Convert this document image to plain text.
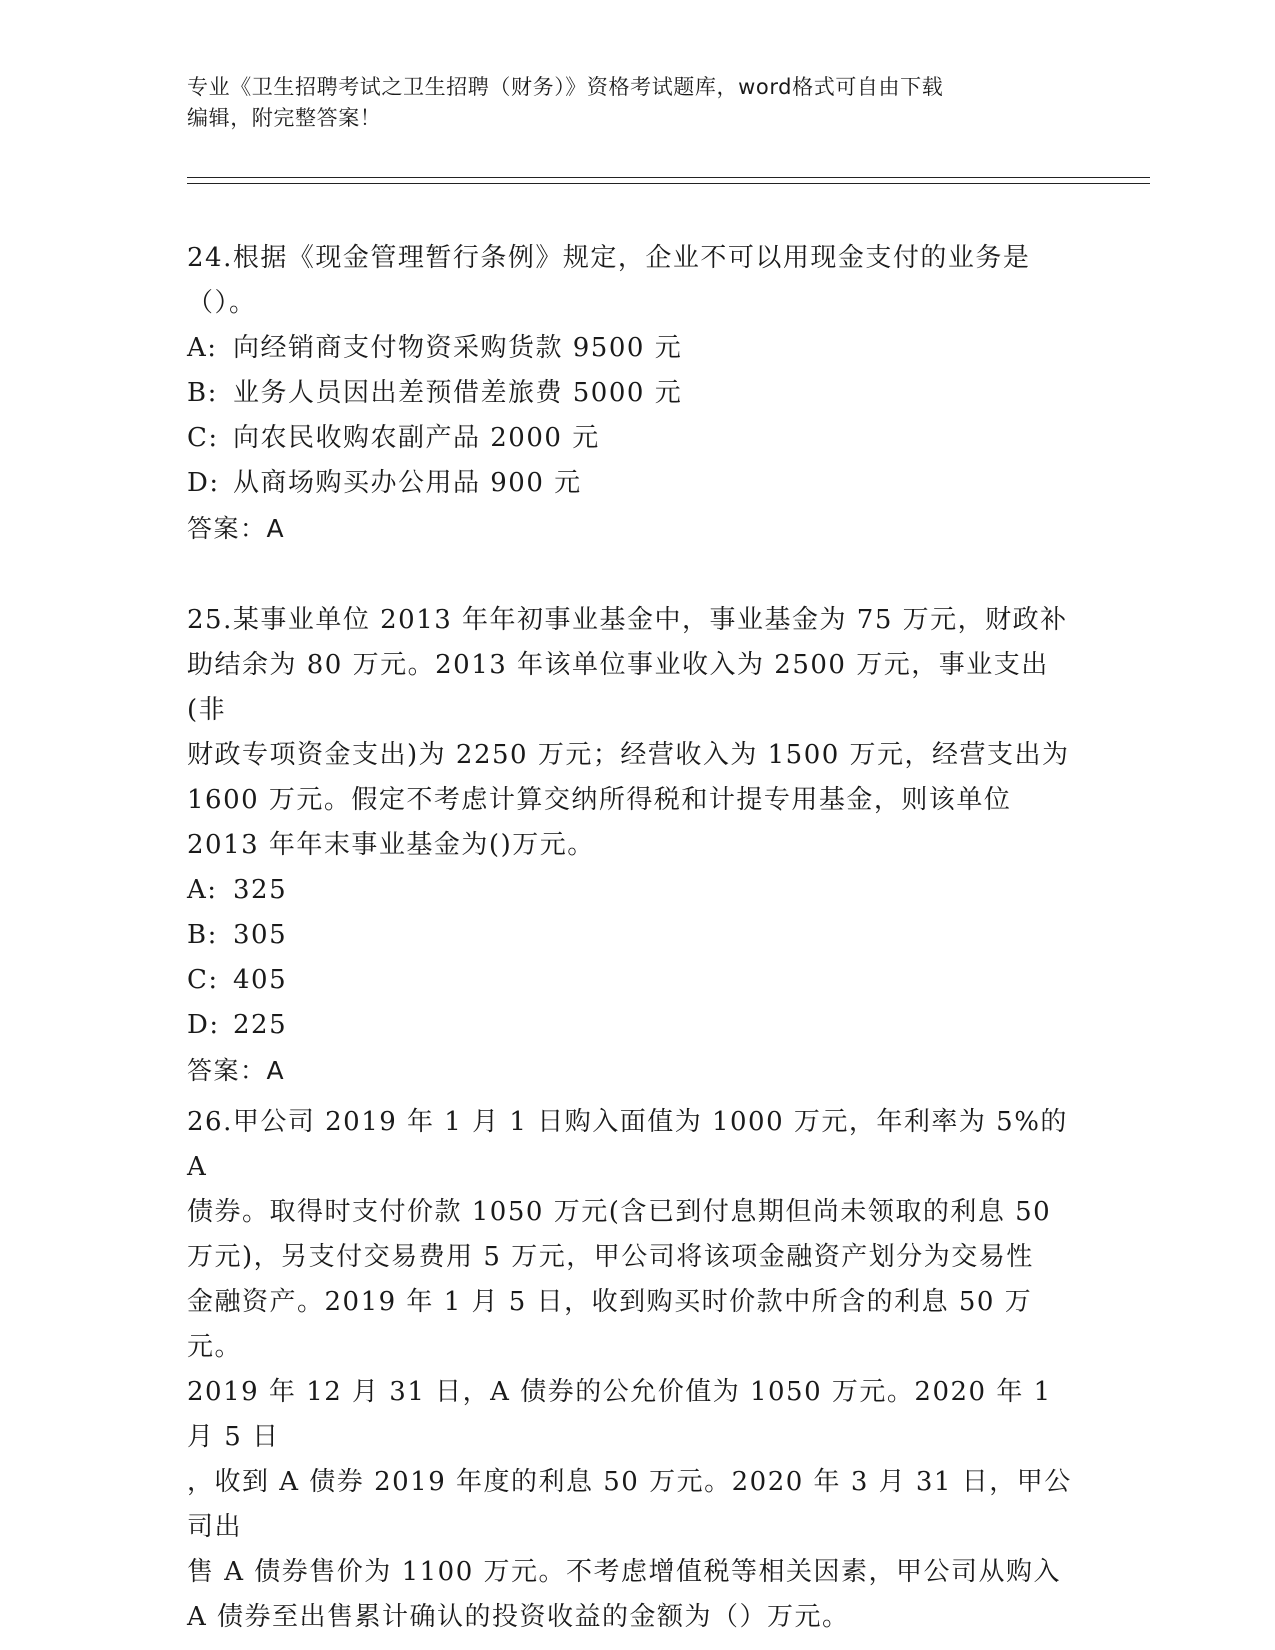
专业《卫生招聘考试之卫生招聘（财务）》资格考试题库，word格式可自由下载
编辑，附完整答案！
24.根据《现金管理暂行条例》规定，企业不可以用现金支付的业务是
（）。
A: 向经销商支付物资采购货款 9500 元
B: 业务人员因出差预借差旅费 5000 元
C: 向农民收购农副产品 2000 元
D: 从商场购买办公用品 900 元
答案：A
25.某事业单位 2013 年年初事业基金中，事业基金为 75 万元，财政补
助结余为 80 万元。2013 年该单位事业收入为 2500 万元，事业支出(非
财政专项资金支出)为 2250 万元；经营收入为 1500 万元，经营支出为
1600 万元。假定不考虑计算交纳所得税和计提专用基金，则该单位
2013 年年末事业基金为()万元。
A: 325
B: 305
C: 405
D: 225
答案：A
26.甲公司 2019 年 1 月 1 日购入面值为 1000 万元，年利率为 5%的 A
债券。取得时支付价款 1050 万元(含已到付息期但尚未领取的利息 50
万元)，另支付交易费用 5 万元，甲公司将该项金融资产划分为交易性
金融资产。2019 年 1 月 5 日，收到购买时价款中所含的利息 50 万元。
2019 年 12 月 31 日，A 债券的公允价值为 1050 万元。2020 年 1 月 5 日
，收到 A 债券 2019 年度的利息 50 万元。2020 年 3 月 31 日，甲公司出
售 A 债券售价为 1100 万元。不考虑增值税等相关因素，甲公司从购入
A 债券至出售累计确认的投资收益的金额为（）万元。
